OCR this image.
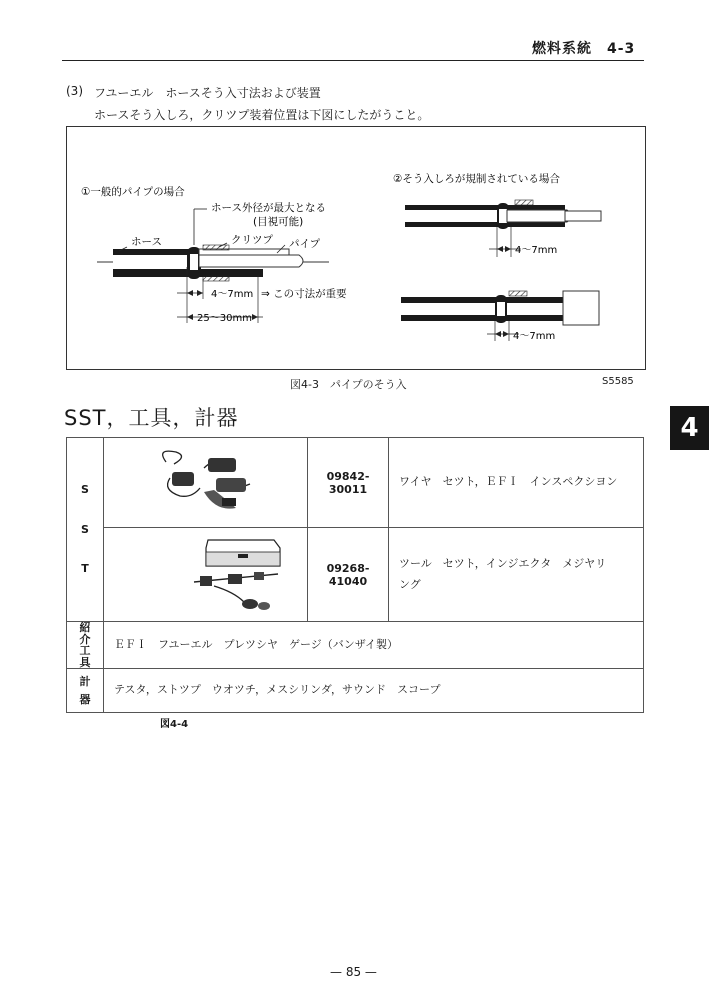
燃料系統　4-3
(3) フユーエル　ホースそう入寸法および装置
ホースそう入しろ，クリツプ装着位置は下図にしたがうこと。
①一般的パイプの場合
ホース外径が最大となる
(目視可能)
ホース	クリツプ パイプ
4～7mm ⇒ この寸法が重要
25～30mm
②そう入しろが規制されている場合
4～7mm
4～7mm
図4-3　パイプのそう入	S5585
4
SST，工具，計器
S
S
T		09842-30011	ワイヤ　セツト，ＥＦＩ　インスペクシヨン
	09268-41040	ツール　セツト，インジエクタ　メジヤリ
ング

紹
介
工
具	ＥＦＩ　フユーエル　プレツシヤ　ゲージ（バンザイ製）		

計
器	テスタ，ストツプ　ウオツチ，メスシリンダ，サウンド　スコープ		
図4-4
— 85 —
